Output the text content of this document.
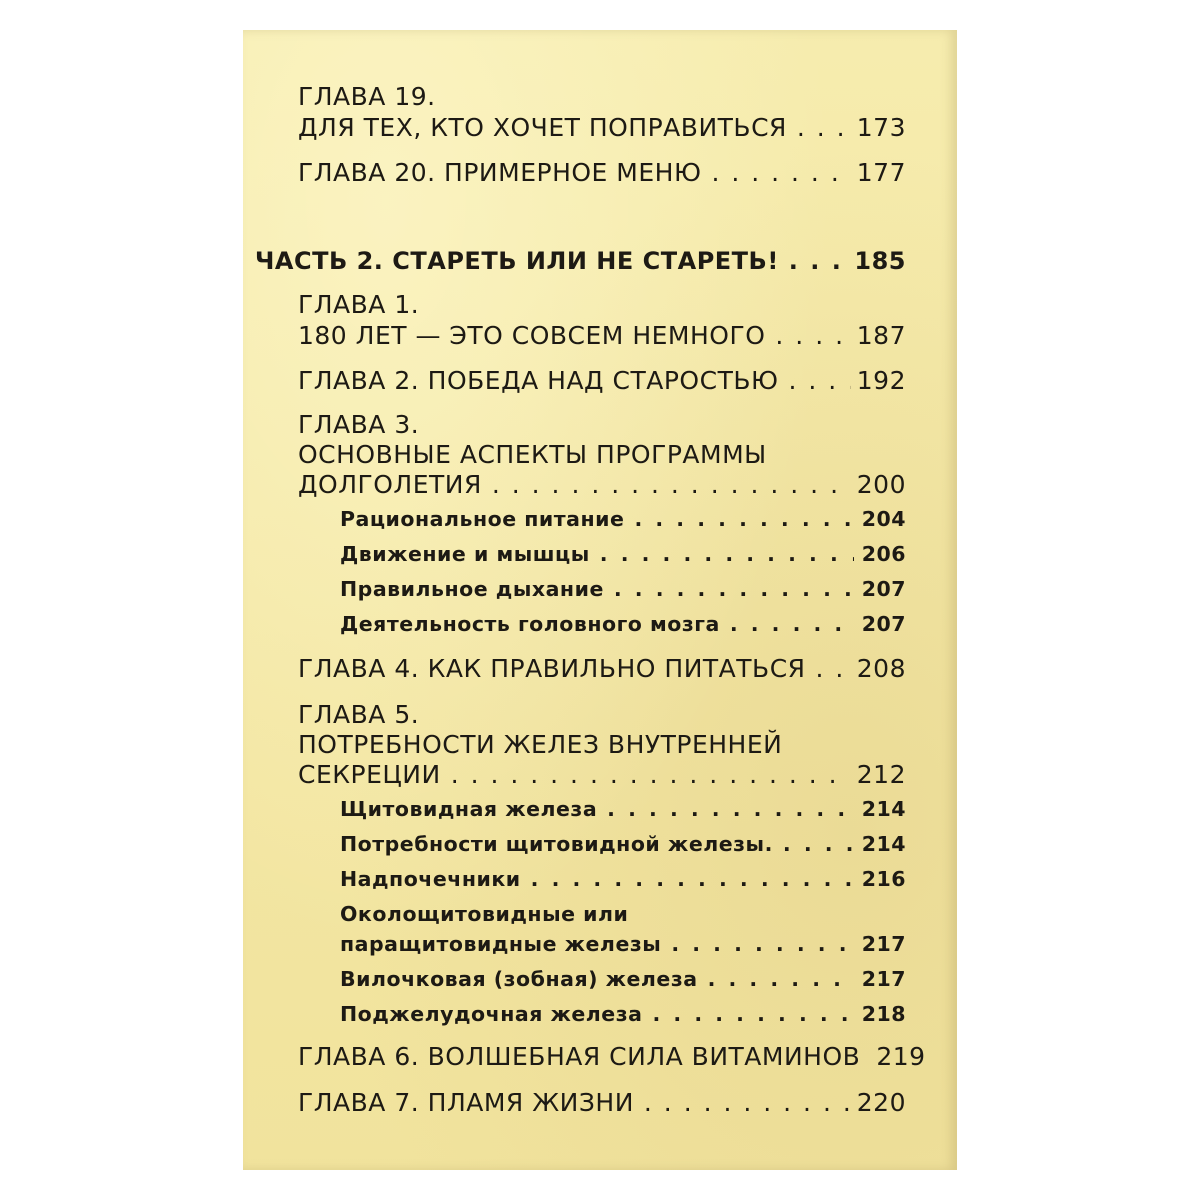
ГЛАВА 19.
ДЛЯ ТЕХ, КТО ХОЧЕТ ПОПРАВИТЬСЯ . . .	173
ГЛАВА 20. ПРИМЕРНОЕ МЕНЮ . . .	177
ЧАСТЬ 2. СТАРЕТЬ ИЛИ НЕ СТАРЕТЬ! . . .	185
ГЛАВА 1.
180 ЛЕТ — ЭТО СОВСЕМ НЕМНОГО . . .	187
ГЛАВА 2. ПОБЕДА НАД СТАРОСТЬЮ . . .	192
ГЛАВА 3.
ОСНОВНЫЕ АСПЕКТЫ ПРОГРАММЫ
ДОЛГОЛЕТИЯ . . .	200
Рациональное питание . . .	204
Движение и мышцы . . .	206
Правильное дыхание . . .	207
Деятельность головного мозга . . .	207
ГЛАВА 4. КАК ПРАВИЛЬНО ПИТАТЬСЯ . . . 208
ГЛАВА 5.
ПОТРЕБНОСТИ ЖЕЛЕЗ ВНУТРЕННЕЙ
СЕКРЕЦИИ . . .	212
Щитовидная железа . . .	214
Потребности щитовидной железы. . . .	214
Надпочечники . . .	216
Околощитовидные или
паращитовидные железы . . .	217
Вилочковая (зобная) железа . . .	217
Поджелудочная железа . . .	218
ГЛАВА 6. ВОЛШЕБНАЯ СИЛА ВИТАМИНОВ 219
ГЛАВА 7. ПЛАМЯ ЖИЗНИ . . .	220
